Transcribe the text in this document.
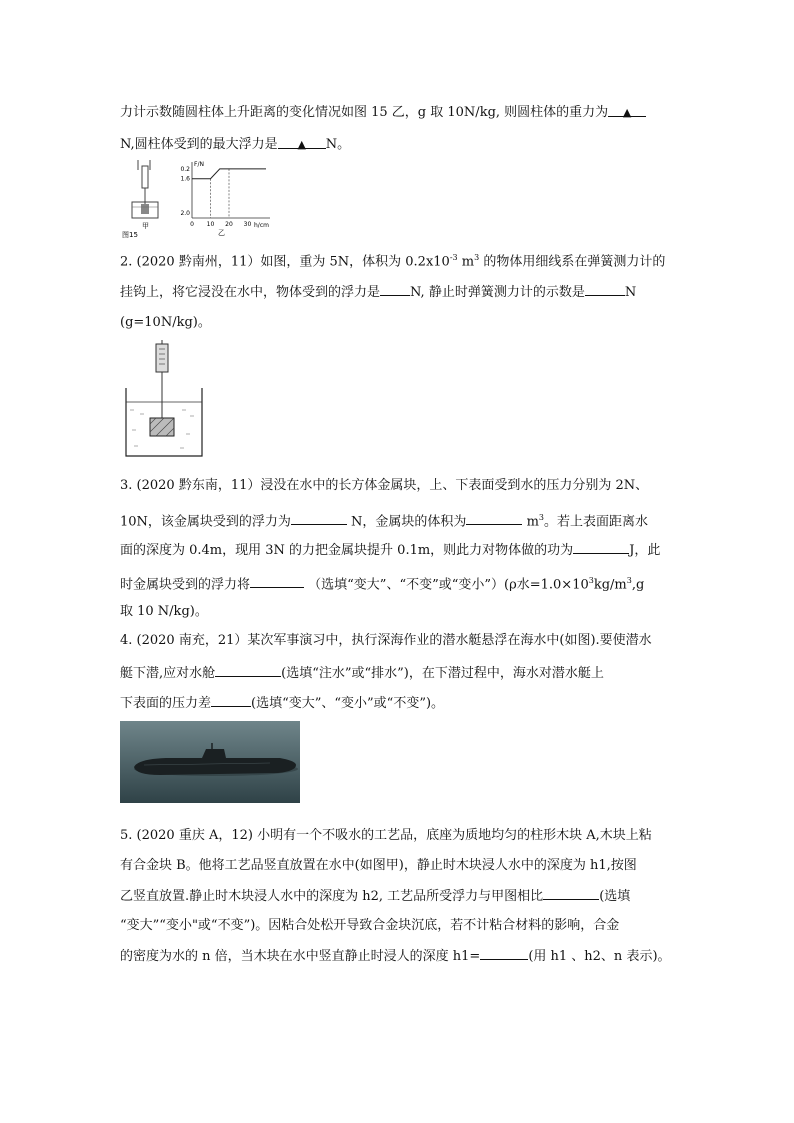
力计示数随圆柱体上升距离的变化情况如图 15 乙，g 取 10N/kg, 则圆柱体的重力为 ▲
N,圆柱体受到的最大浮力是 ▲ N。
甲
图15
F/N
h/cm
2.0
1.6
0.2
0 10 20 30
乙
2. (2020 黔南州，11）如图，重为 5N，体积为 $0.2x10^{-3}$ $m^3$ 的物体用细线系在弹簧测力计的
挂钩上，将它浸没在水中，物体受到的浮力是 N, 静止时弹簧测力计的示数是	N
(g=10N/kg)。
3. (2020 黔东南，11）浸没在水中的长方体金属块，上、下表面受到水的压力分别为 2N、
10N，该金属块受到的浮力为	N，金属块的体积为	$m^3$。若上表面距离水
面的深度为 0.4m，现用 3N 的力把金属块提升 0.1m，则此力对物体做的功为	J，此
时金属块受到的浮力将	（选填“变大”、“不变”或“变小”）(ρ水$=1.0\times 10^3kg/m^3,g$
取 10 N/kg)。
4. (2020 南充，21）某次军事演习中，执行深海作业的潜水艇悬浮在海水中(如图).要使潜水
艇下潜,应对水舱	(选填“注水”或“排水”)，在下潜过程中，海水对潜水艇上
下表面的压力差	(选填“变大”、“变小”或“不变”)。
5. (2020 重庆 A，12) 小明有一个不吸水的工艺品，底座为质地均匀的柱形木块 A,木块上粘
有合金块 B。他将工艺品竖直放置在水中(如图甲)，静止时木块浸人水中的深度为 h1,按图
乙竖直放置.静止时木块浸人水中的深度为 h2, 工艺品所受浮力与甲图相比	(选填
“变大”“变小"或“不变”)。因粘合处松开导致合金块沉底，若不计粘合材料的影响，合金
的密度为水的 n 倍，当木块在水中竖直静止时浸人的深度 h1=	(用 h1 、h2、n 表示)。
